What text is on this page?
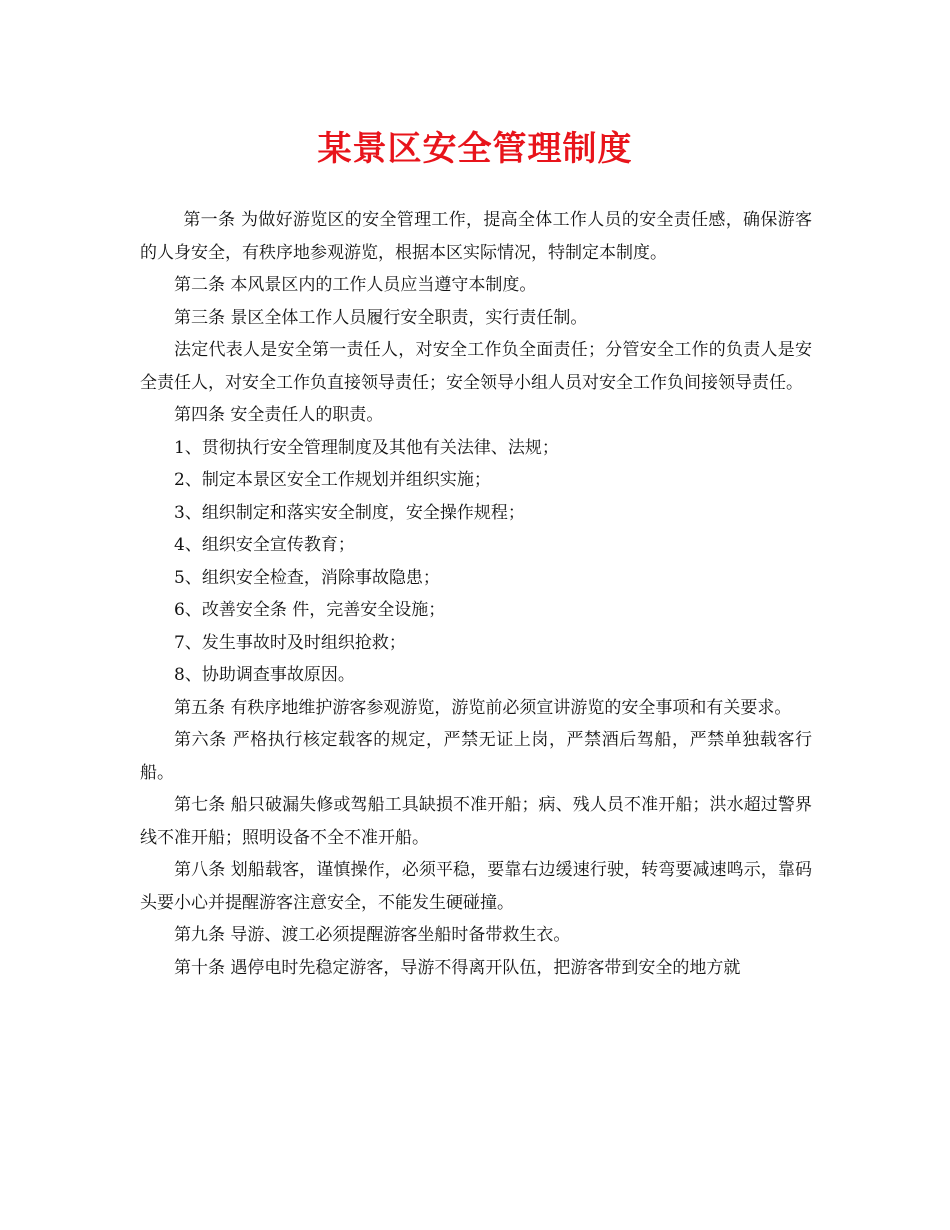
某景区安全管理制度

第一条 为做好游览区的安全管理工作，提高全体工作人员的安全责任感，确保游客的人身安全，有秩序地参观游览，根据本区实际情况，特制定本制度。

第二条 本风景区内的工作人员应当遵守本制度。

第三条 景区全体工作人员履行安全职责，实行责任制。

法定代表人是安全第一责任人，对安全工作负全面责任；分管安全工作的负责人是安全责任人，对安全工作负直接领导责任；安全领导小组人员对安全工作负间接领导责任。

第四条 安全责任人的职责。

1、贯彻执行安全管理制度及其他有关法律、法规；

2、制定本景区安全工作规划并组织实施；

3、组织制定和落实安全制度，安全操作规程；

4、组织安全宣传教育；

5、组织安全检查，消除事故隐患；

6、改善安全条 件，完善安全设施；

7、发生事故时及时组织抢救；

8、协助调查事故原因。

第五条 有秩序地维护游客参观游览，游览前必须宣讲游览的安全事项和有关要求。

第六条 严格执行核定载客的规定，严禁无证上岗，严禁酒后驾船，严禁单独载客行船。

第七条 船只破漏失修或驾船工具缺损不准开船；病、残人员不准开船；洪水超过警界线不准开船；照明设备不全不准开船。

第八条 划船载客，谨慎操作，必须平稳，要靠右边缓速行驶，转弯要减速鸣示，靠码头要小心并提醒游客注意安全，不能发生硬碰撞。

第九条 导游、渡工必须提醒游客坐船时备带救生衣。

第十条 遇停电时先稳定游客，导游不得离开队伍，把游客带到安全的地方就
